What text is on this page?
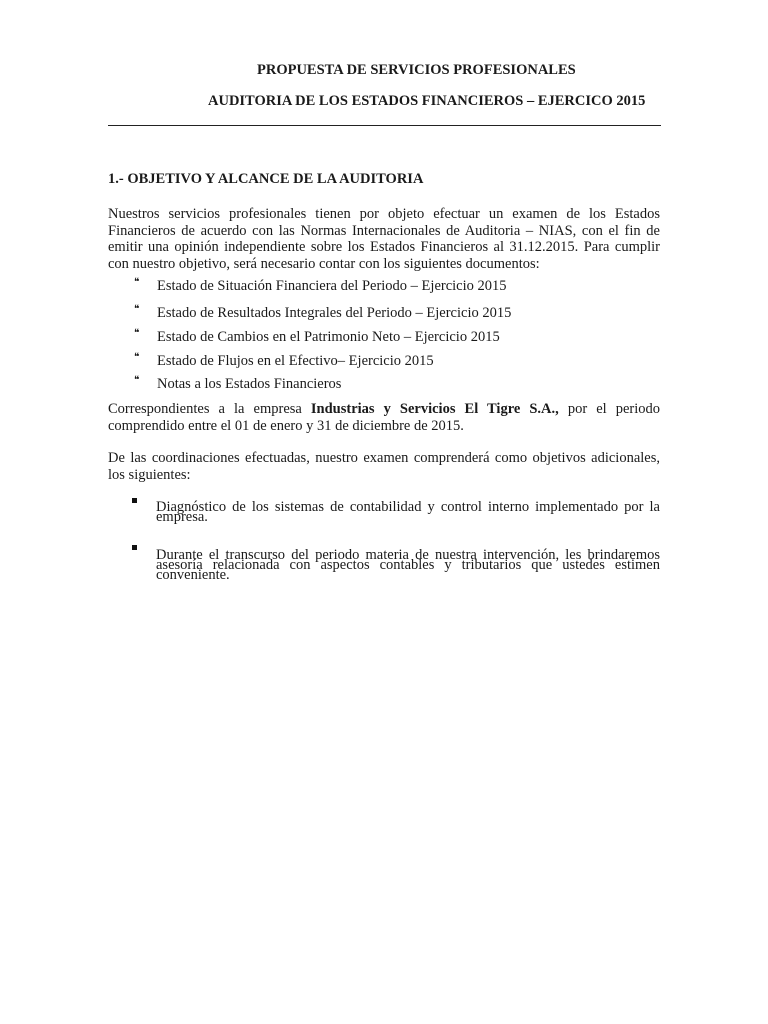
PROPUESTA DE SERVICIOS PROFESIONALES
AUDITORIA DE LOS ESTADOS FINANCIEROS – EJERCICO 2015
1.- OBJETIVO Y ALCANCE DE LA AUDITORIA
Nuestros servicios profesionales tienen por objeto efectuar un examen de los Estados Financieros de acuerdo con las Normas Internacionales de Auditoria – NIAS, con el fin de emitir una opinión independiente sobre los Estados Financieros al 31.12.2015. Para cumplir con nuestro objetivo, será necesario contar con los siguientes documentos:
❝ Estado de Situación Financiera del Periodo – Ejercicio 2015
❝ Estado de Resultados Integrales del Periodo – Ejercicio 2015
❝ Estado de Cambios en el Patrimonio Neto – Ejercicio 2015
❝ Estado de Flujos en el Efectivo– Ejercicio 2015
❝ Notas a los Estados Financieros
Correspondientes a la empresa Industrias y Servicios El Tigre S.A., por el periodo comprendido entre el 01 de enero y 31 de diciembre de 2015.
De las coordinaciones efectuadas, nuestro examen comprenderá como objetivos adicionales, los siguientes:
Diagnóstico de los sistemas de contabilidad y control interno implementado por la empresa.
Durante el transcurso del periodo materia de nuestra intervención, les brindaremos asesoría relacionada con aspectos contables y tributarios que ustedes estimen conveniente.
